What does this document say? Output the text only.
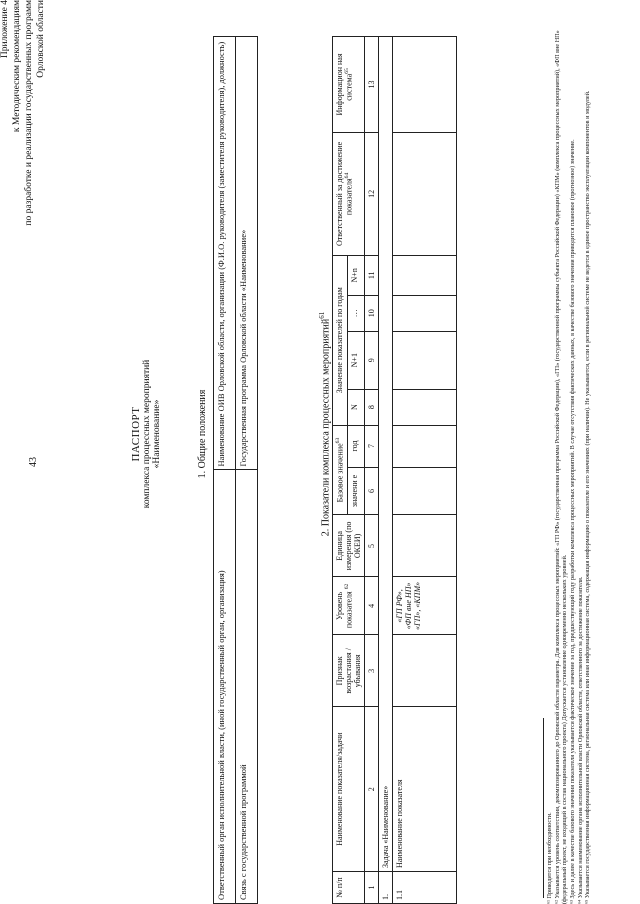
43
Приложение 4 к Методическим рекомендациям по разработке и реализации государственных программ Орловской области
ПАСПОРТ комплекса процессных мероприятий «Наименование»	1. Общие положения
Ответственный орган исполнительной власти, (иной государственный орган, организация)	Наименование ОИВ Орловской области, организации (Ф.И.О. руководителя (заместителя руководителя), должность)
Связь с государственной программой	Государственная программа Орловской области «Наименование»	2. Показатели комплекса процессных мероприятий$^{61}$
№ п/п	Наименование показателя/задачи	Признак возрастания / убывания	Уровень показателя $^{62}$	Единица измерения (по ОКЕИ)	Базовое значение$^{63}$		Значение показателей по годам				Ответственный за достижение показателя$^{64}$	Информацион ная система$^{65}$
					значени е	год	N	N+1	…	N+n		

1	2	3	4	5	6	7	8	9	10	11	12	13
1.	Задача «Наименование»											
1.1	Наименование показателя		«ГП РФ», «ФП вне НП» «ГП», «КПМ»									
⁶¹ Приводится при необходимости. ⁶² Указывается уровень соответствия, декомпозированного до Орловской области параметра. Для комплекса процессных мероприятий: «ГП РФ» (государственная программа Российской Федерации), «ГП» (государственной программы субъекта Российской Федерации) «КПМ» (комплекса процессных мероприятий), «ФП вне НП» (федеральный проект, не входящий в состав национального проекта) Допускается установление одновременно нескольких уровней. ⁶³ Здесь и далее в качестве базового значения показателя указывается фактическое значение за год, предшествующий году разработки комплекса процессных мероприятий. В случае отсутствия фактических данных, в качестве базового значения приводится плановое (прогнозное) значение. ⁶⁴ Указывается наименование органа исполнительной власти Орловской области, ответственного за достижение показателя. ⁶⁵ Указывается государственная информационная система, региональная система или иная информационная система, содержащая информацию о показателе и его значениях (при наличии). Не указывается, если в региональной системе не ведется в единое пространство эксплуатации компонентов и модулей.
